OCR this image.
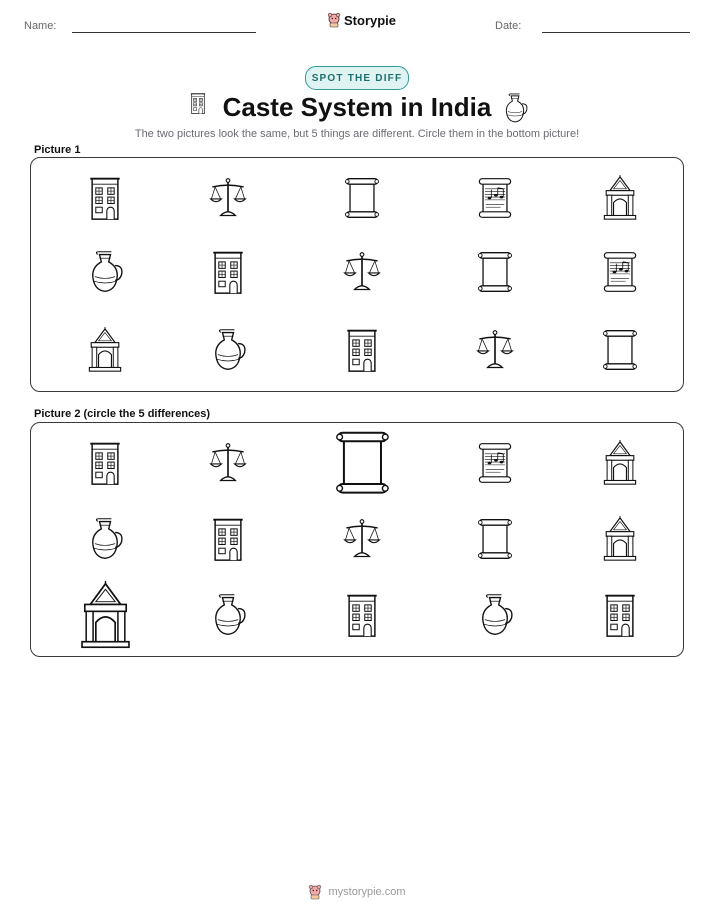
Name:	Storypie	Date:
SPOT THE DIFF
Caste System in India
The two pictures look the same, but 5 things are different. Circle them in the bottom picture!
Picture 1
Picture 2 (circle the 5 differences)
mystorypie.com
